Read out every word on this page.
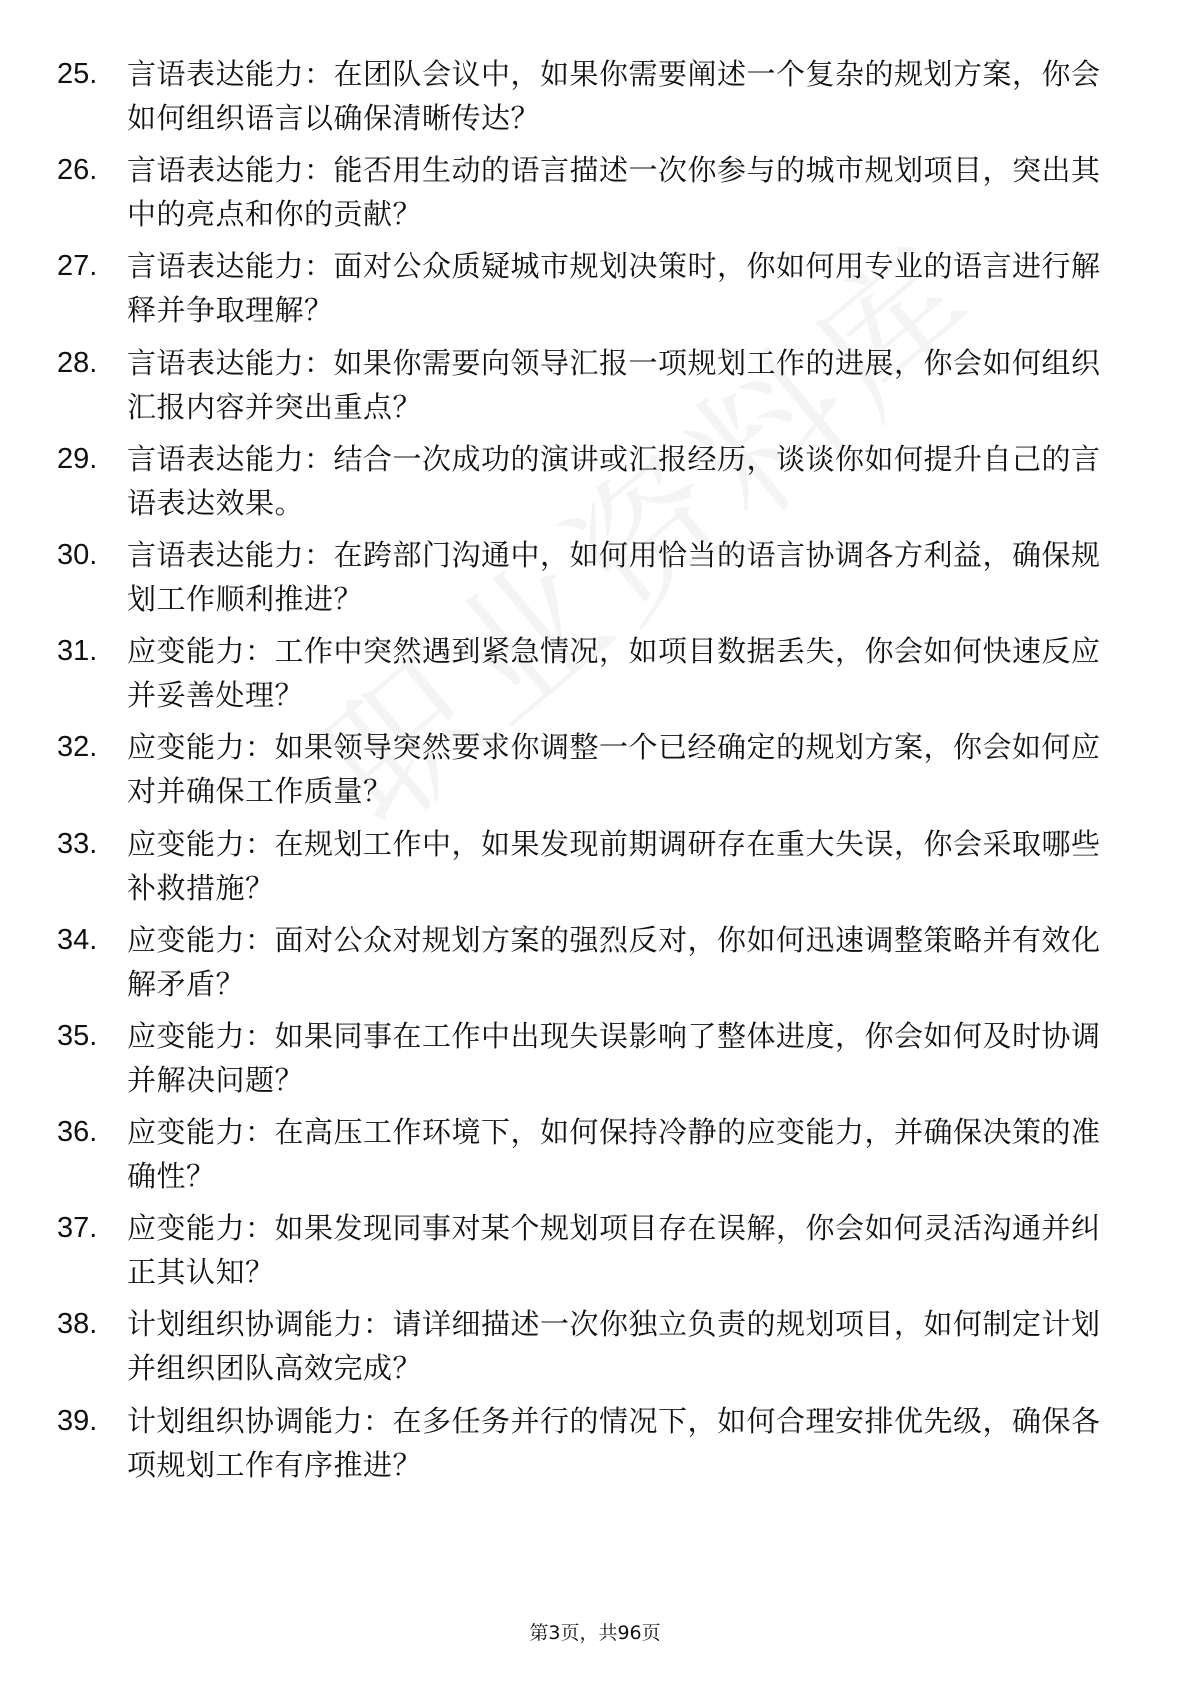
25.	言语表达能力：在团队会议中，如果你需要阐述一个复杂的规划方案，你会如何组织语言以确保清晰传达？
26.	言语表达能力：能否用生动的语言描述一次你参与的城市规划项目，突出其中的亮点和你的贡献？
27.	言语表达能力：面对公众质疑城市规划决策时，你如何用专业的语言进行解释并争取理解？
28.	言语表达能力：如果你需要向领导汇报一项规划工作的进展，你会如何组织汇报内容并突出重点？
29.	言语表达能力：结合一次成功的演讲或汇报经历，谈谈你如何提升自己的言语表达效果。
30.	言语表达能力：在跨部门沟通中，如何用恰当的语言协调各方利益，确保规划工作顺利推进？
31.	应变能力：工作中突然遇到紧急情况，如项目数据丢失，你会如何快速反应并妥善处理？
32.	应变能力：如果领导突然要求你调整一个已经确定的规划方案，你会如何应对并确保工作质量？
33.	应变能力：在规划工作中，如果发现前期调研存在重大失误，你会采取哪些补救措施？
34.	应变能力：面对公众对规划方案的强烈反对，你如何迅速调整策略并有效化解矛盾？
35.	应变能力：如果同事在工作中出现失误影响了整体进度，你会如何及时协调并解决问题？
36.	应变能力：在高压工作环境下，如何保持冷静的应变能力，并确保决策的准确性？
37.	应变能力：如果发现同事对某个规划项目存在误解，你会如何灵活沟通并纠正其认知？
38.	计划组织协调能力：请详细描述一次你独立负责的规划项目，如何制定计划并组织团队高效完成？
39.	计划组织协调能力：在多任务并行的情况下，如何合理安排优先级，确保各项规划工作有序推进？
第3页，共96页
